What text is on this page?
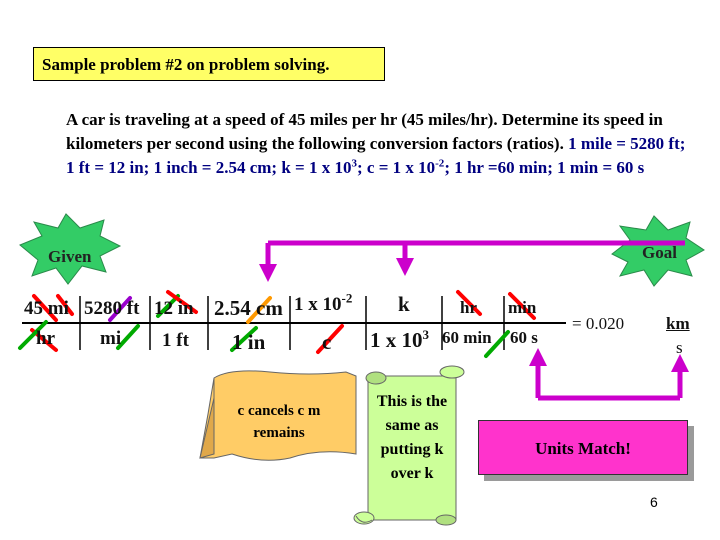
Sample problem #2 on problem solving.
A car is traveling at a speed of 45 miles per hr (45 miles/hr). Determine its speed in kilometers per second using the following conversion factors (ratios). 1 mile = 5280 ft; 1 ft = 12 in; 1 inch = 2.54 cm; k = 1 x $10^3$; c = 1 x $10^{-2}$; 1 hr =60 min; 1 min = 60 s
Given	Goal
45 mi
hr
5280 ft
mi
12 in
1 ft
2.54 cm
1 in
1 x $10^{-2}$
c
k
1 x $10^3$
hr
60 min
min
60 s
= 0.020 km
s
c cancels c m remains
This is the same as putting k over k
Units Match!
6
